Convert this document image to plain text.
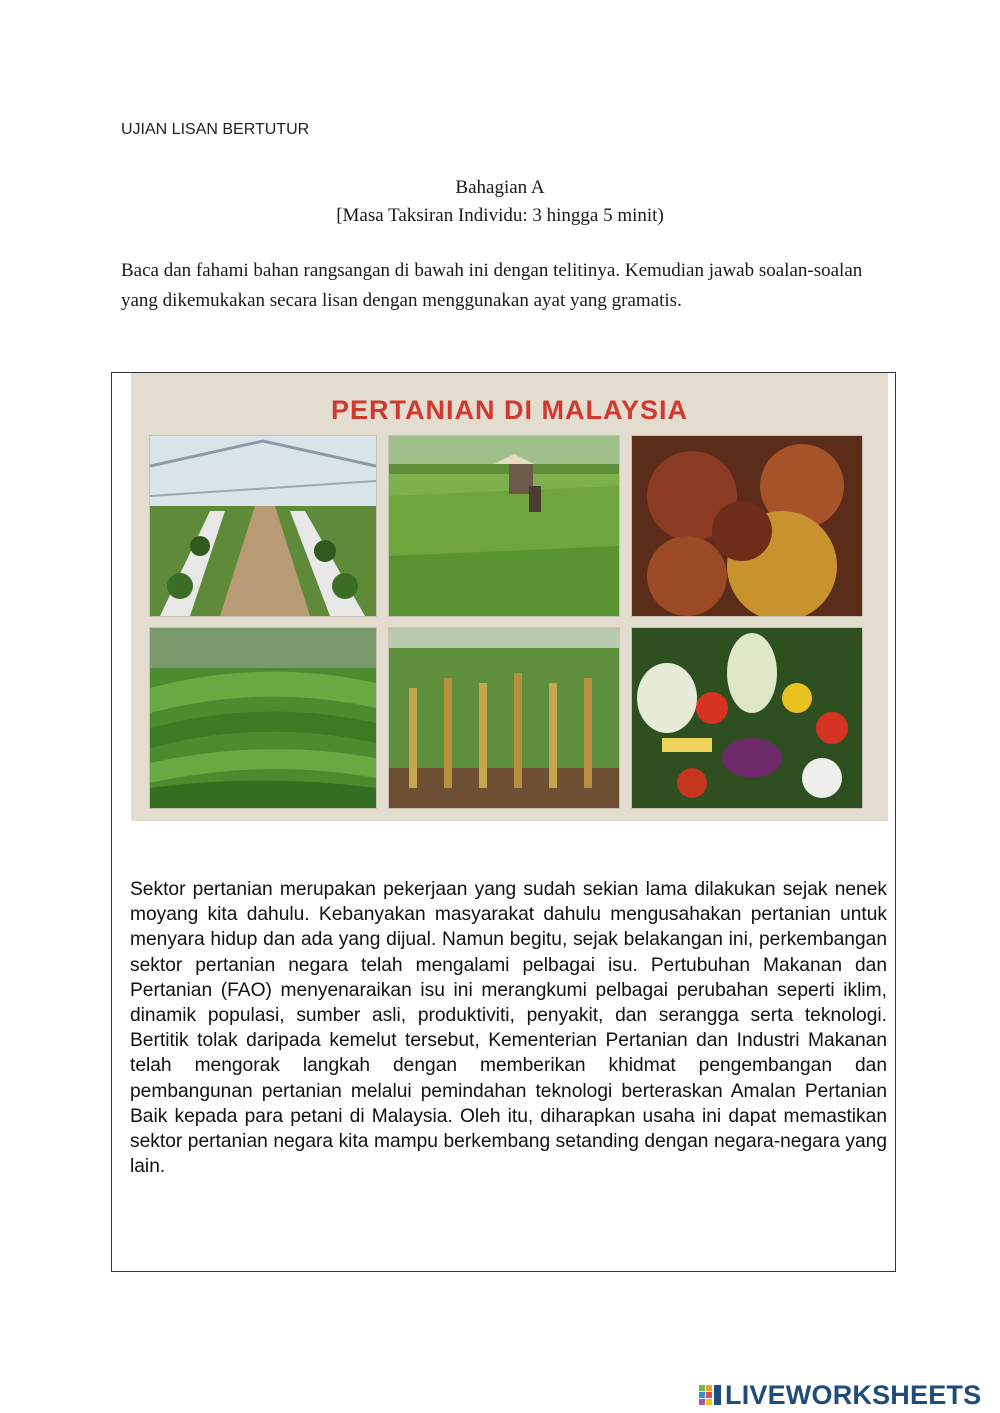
UJIAN LISAN BERTUTUR
Bahagian A
[Masa Taksiran Individu: 3 hingga 5 minit)
Baca dan fahami bahan rangsangan di bawah ini dengan telitinya. Kemudian jawab soalan-soalan yang dikemukakan secara lisan dengan menggunakan ayat yang gramatis.
PERTANIAN DI MALAYSIA
Sektor pertanian merupakan pekerjaan yang sudah sekian lama dilakukan sejak nenek moyang kita dahulu. Kebanyakan masyarakat dahulu mengusahakan pertanian untuk menyara hidup dan ada yang dijual. Namun begitu, sejak belakangan ini, perkembangan sektor pertanian negara telah mengalami pelbagai isu. Pertubuhan Makanan dan Pertanian (FAO) menyenaraikan isu ini merangkumi pelbagai perubahan seperti iklim, dinamik populasi, sumber asli, produktiviti, penyakit, dan serangga serta teknologi. Bertitik tolak daripada kemelut tersebut, Kementerian Pertanian dan Industri Makanan telah mengorak langkah dengan memberikan khidmat pengembangan dan pembangunan pertanian melalui pemindahan teknologi berteraskan Amalan Pertanian Baik kepada para petani di Malaysia. Oleh itu, diharapkan usaha ini dapat memastikan sektor pertanian negara kita mampu berkembang setanding dengan negara-negara yang lain.
LIVEWORKSHEETS
